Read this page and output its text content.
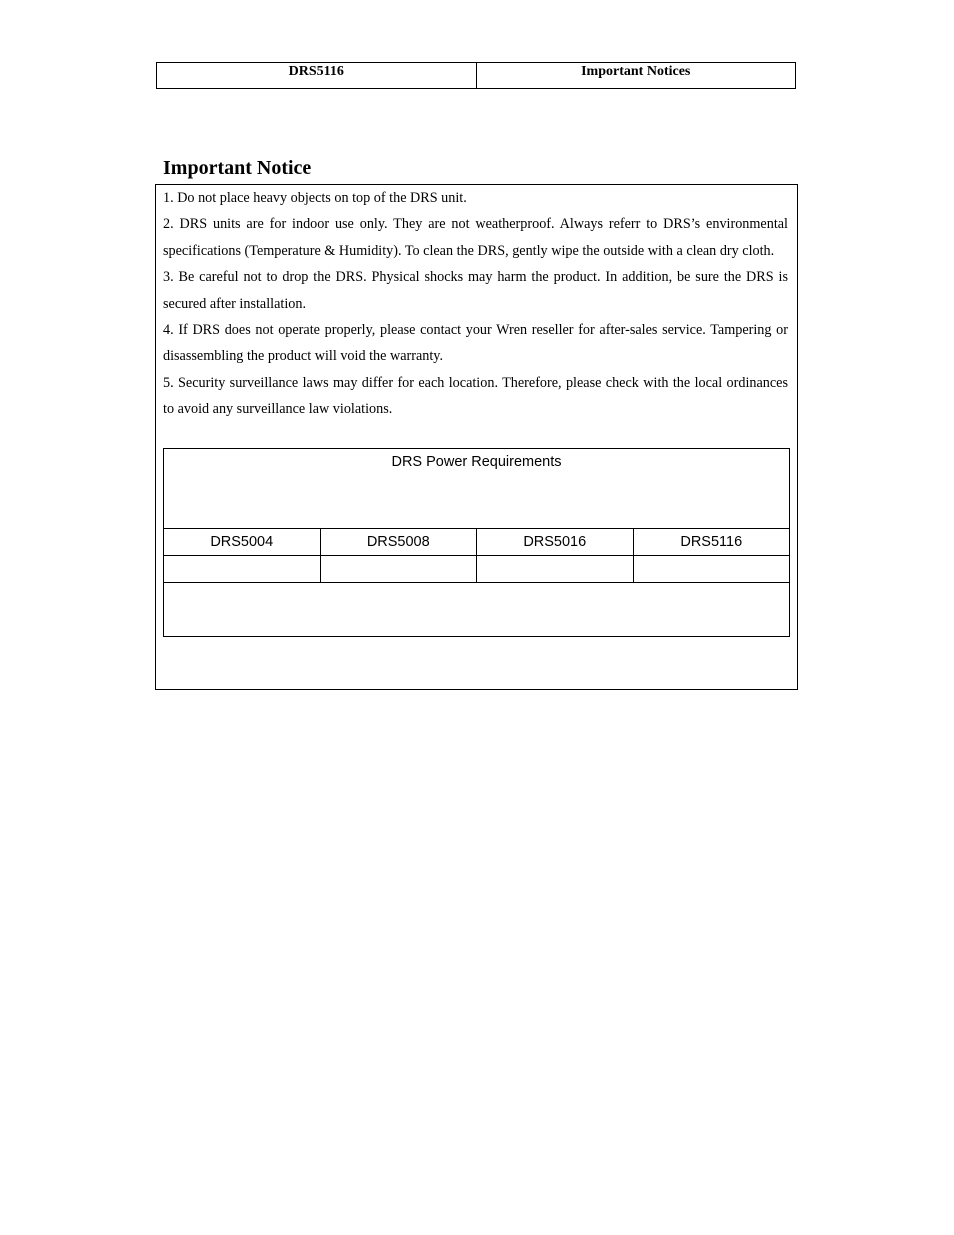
DRS5116	Important Notices
Important Notice

1. Do not place heavy objects on top of the DRS unit.

2. DRS units are for indoor use only. They are not weatherproof. Always referr to DRS’s environmental specifications (Temperature & Humidity). To clean the DRS, gently wipe the outside with a clean dry cloth.

3. Be careful not to drop the DRS. Physical shocks may harm the product. In addition, be sure the DRS is secured after installation.

4. If DRS does not operate properly, please contact your Wren reseller for after-sales service. Tampering or disassembling the product will void the warranty.

5. Security surveillance laws may differ for each location. Therefore, please check with the local ordinances to avoid any surveillance law violations.

DRS Power Requirements
DRS5004	DRS5008	DRS5016	DRS5116
